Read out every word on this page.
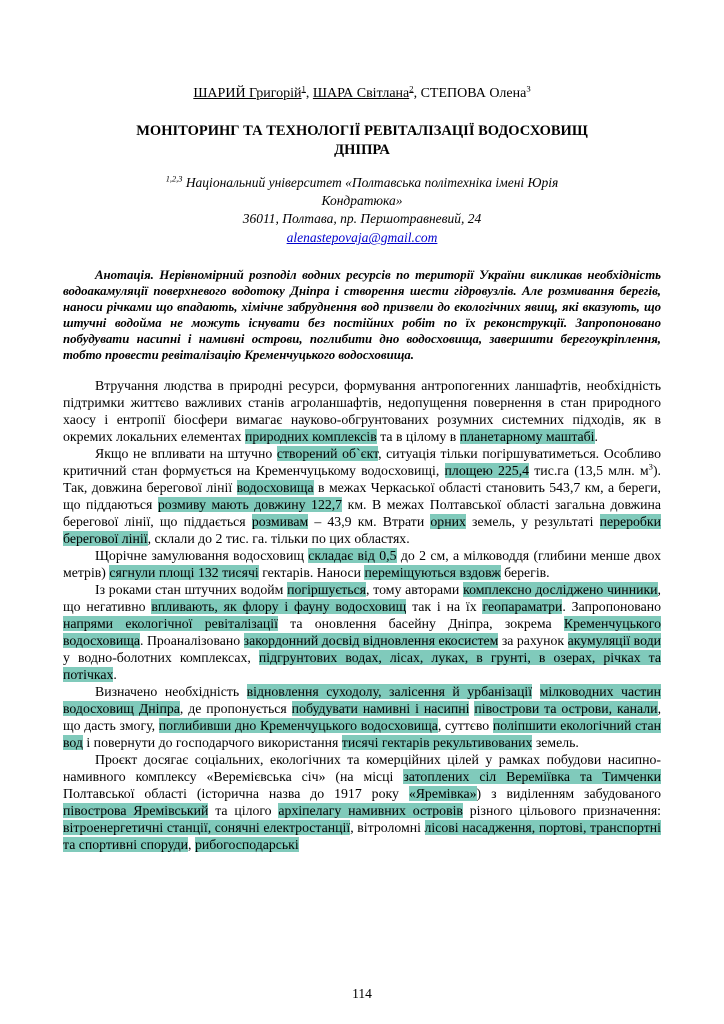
ШАРИЙ Григорій$^1$, ШАРА Світлана$^2$, СТЕПОВА Олена$^3$
МОНІТОРИНГ ТА ТЕХНОЛОГІЇ РЕВІТАЛІЗАЦІЇ ВОДОСХОВИЩ ДНІПРА
$^{1,2,3}$ Національний університет «Полтавська політехніка імені Юрія Кондратюка»
36011, Полтава, пр. Першотравневий, 24
alenastepovaja@gmail.com
Анотація. Нерівномірний розподіл водних ресурсів по території України викликав необхідність водоакамуляції поверхневого водотоку Дніпра і створення шести гідровузлів. Але розмивання берегів, наноси річками що впадають, хімічне забруднення вод призвели до екологічних явищ, які вказують, що штучні водойма не можуть існувати без постійних робіт по їх реконструкції. Запропоновано побудувати насипні і намивні острови, поглибити дно водосховища, завершити берегоукріплення, тобто провести ревіталізацію Кременчуцького водосховища.

Втручання людства в природні ресурси, формування антропогенних ланшафтів, необхідність підтримки життєво важливих станів агроланшафтів, недопущення повернення в стан природного хаосу і ентропії біосфери вимагає науково-обгрунтованих розумних системних підходів, як в окремих локальних елементах природних комплексів та в цілому в планетарному маштабі.

Якщо не впливати на штучно створений об`єкт, ситуація тільки погіршуватиметься. Особливо критичний стан формується на Кременчуцькому водосховищі, площею 225,4 тис.га (13,5 млн. $м^3$). Так, довжина берегової лінії водосховища в межах Черкаської області становить 543,7 км, а береги, що піддаються розмиву мають довжину 122,7 км. В межах Полтавської області загальна довжина берегової лінії, що піддається розмивам – 43,9 км. Втрати орних земель, у результаті переробки берегової лінії, склали до 2 тис. га. тільки по цих областях.

Щорічне замулювання водосховищ складає від 0,5 до 2 см, а мілководдя (глибини менше двох метрів) сягнули площі 132 тисячі гектарів. Наноси переміщуються вздовж берегів.

Із роками стан штучних водойм погіршується, тому авторами комплексно досліджено чинники, що негативно впливають, як флору і фауну водосховищ так і на їх геопараматри. Запропоновано напрями екологічної ревіталізації та оновлення басейну Дніпра, зокрема Кременчуцького водосховища. Проаналізовано закордонний досвід відновлення екосистем за рахунок акумуляції води у водно-болотних комплексах, підгрунтових водах, лісах, луках, в грунті, в озерах, річках та потічках.

Визначено необхідність відновлення суходолу, залісення й урбанізації мілководних частин водосховищ Дніпра, де пропонується побудувати намивні і насипні півострови та острови, канали, що дасть змогу, поглибивши дно Кременчуцького водосховища, суттєво поліпшити екологічний стан вод і повернути до господарчого використання тисячі гектарів рекультивованих земель.

Проєкт досягає соціальних, екологічних та комерційних цілей у рамках побудови насипно-намивного комплексу «Веремієвська січ» (на місці затоплених сіл Вереміївка та Тимченки Полтавської області (історична назва до 1917 року «Яремівка») з виділенням забудованого півострова Яремівський та цілого архіпелагу намивних островів різного цільового призначення: вітроенергетичні станції, сонячні електростанції, вітроломні лісові насадження, портові, транспортні та спортивні споруди, рибогосподарські

114
